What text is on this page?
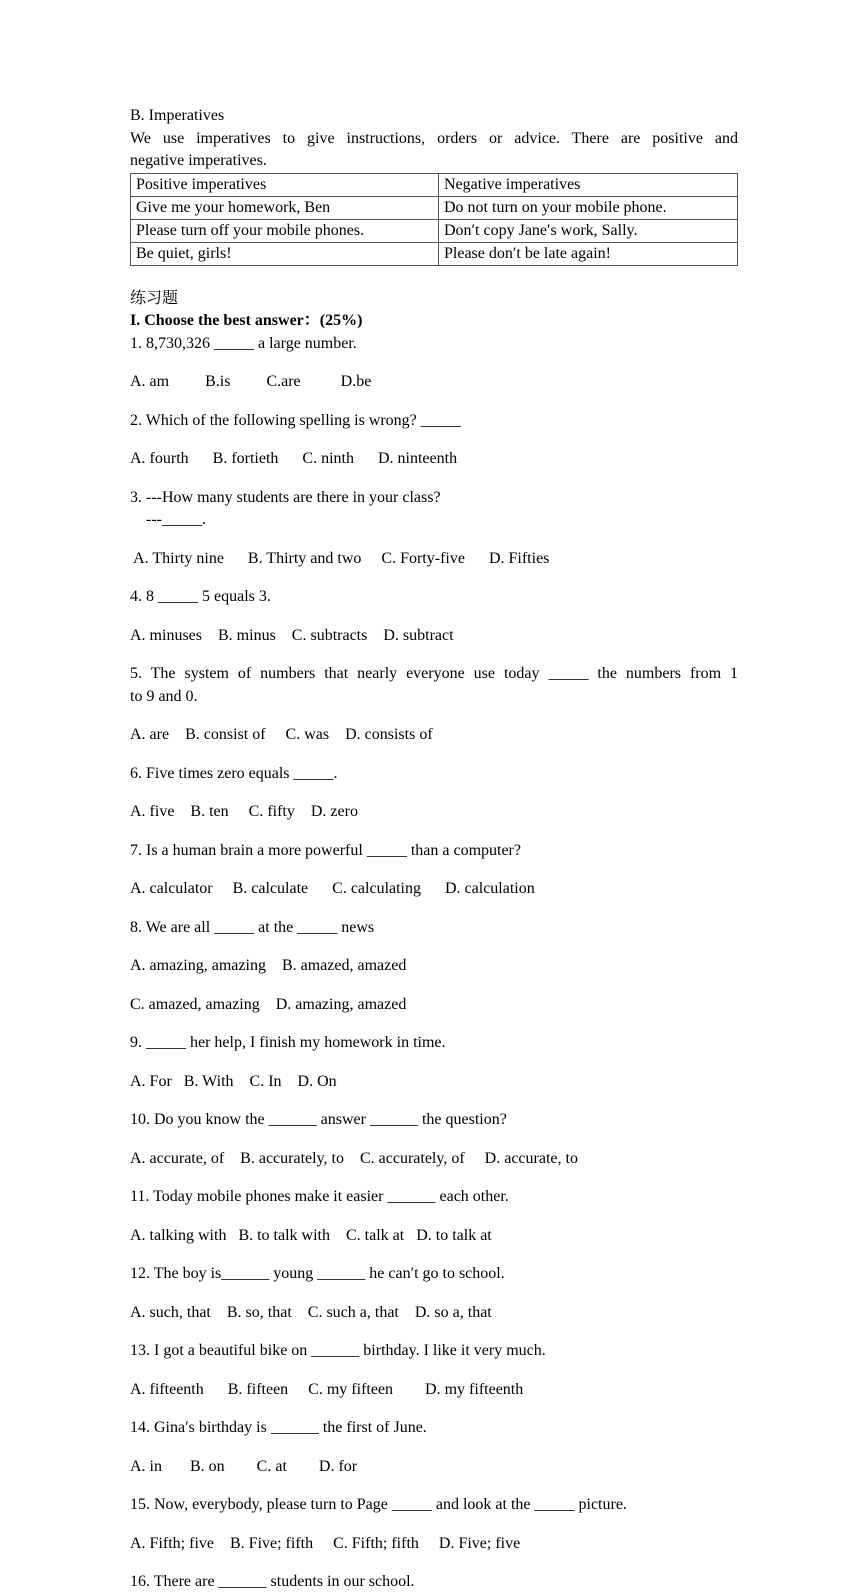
B. Imperatives

We use imperatives to give instructions, orders or advice. There are positive and

negative imperatives.

Positive imperatives	Negative imperatives
Give me your homework, Ben	Do not turn on your mobile phone.
Please turn off your mobile phones.	Don′t copy Jane′s work, Sally.
Be quiet, girls!	Please don′t be late again!

练习题

I. Choose the best answer：(25%)

1. 8,730,326 _____ a large number.

A. am         B.is         C.are          D.be

2. Which of the following spelling is wrong? _____

A. fourth      B. fortieth      C. ninth      D. ninteenth

3. ---How many students are there in your class?

---_____.

A. Thirty nine      B. Thirty and two     C. Forty-five      D. Fifties

4. 8 _____ 5 equals 3.

A. minuses    B. minus    C. subtracts    D. subtract

5. The system of numbers that nearly everyone use today _____ the numbers from 1

to 9 and 0.

A. are    B. consist of     C. was    D. consists of

6. Five times zero equals _____.

A. five    B. ten     C. fifty    D. zero

7. Is a human brain a more powerful _____ than a computer?

A. calculator     B. calculate      C. calculating      D. calculation

8. We are all _____ at the _____ news

A. amazing, amazing    B. amazed, amazed

C. amazed, amazing    D. amazing, amazed

9. _____ her help, I finish my homework in time.

A. For   B. With    C. In    D. On

10. Do you know the ______ answer ______ the question?

A. accurate, of    B. accurately, to    C. accurately, of     D. accurate, to

11. Today mobile phones make it easier ______ each other.

A. talking with   B. to talk with    C. talk at   D. to talk at

12. The boy is______ young ______ he can′t go to school.

A. such, that    B. so, that    C. such a, that    D. so a, that

13. I got a beautiful bike on ______ birthday. I like it very much.

A. fifteenth      B. fifteen     C. my fifteen        D. my fifteenth

14. Gina′s birthday is ______ the first of June.

A. in       B. on        C. at        D. for

15. Now, everybody, please turn to Page _____ and look at the _____ picture.

A. Fifth; five    B. Five; fifth     C. Fifth; fifth     D. Five; five

16. There are ______ students in our school.
